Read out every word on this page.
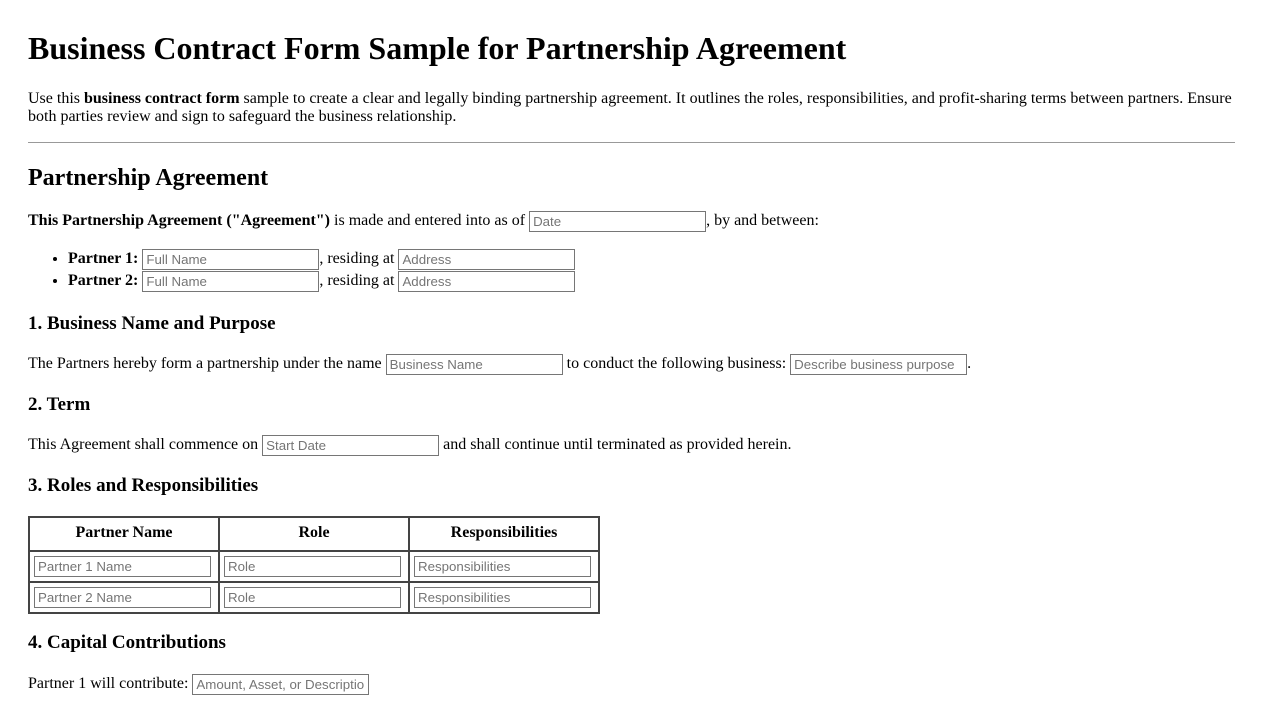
Business Contract Form Sample for Partnership Agreement

Use this business contract form sample to create a clear and legally binding partnership agreement. It outlines the roles, responsibilities, and profit-sharing terms between partners. Ensure both parties review and sign to safeguard the business relationship.

Partnership Agreement

This Partnership Agreement ("Agreement") is made and entered into as of Date	, by and between:

• Partner 1: Full Name	, residing at Address
• Partner 2: Full Name	, residing at Address
1. Business Name and Purpose

The Partners hereby form a partnership under the name Business Name	to conduct the following business: Describe business purpose	.

2. Term

This Agreement shall commence on Start Date	and shall continue until terminated as provided herein.

3. Roles and Responsibilities
Partner Name	Role	Responsibilities
Partner 1 Name	Role	Responsibilities
Partner 2 Name	Role	Responsibilities
4. Capital Contributions

Partner 1 will contribute: Amount, Asset, or Description
